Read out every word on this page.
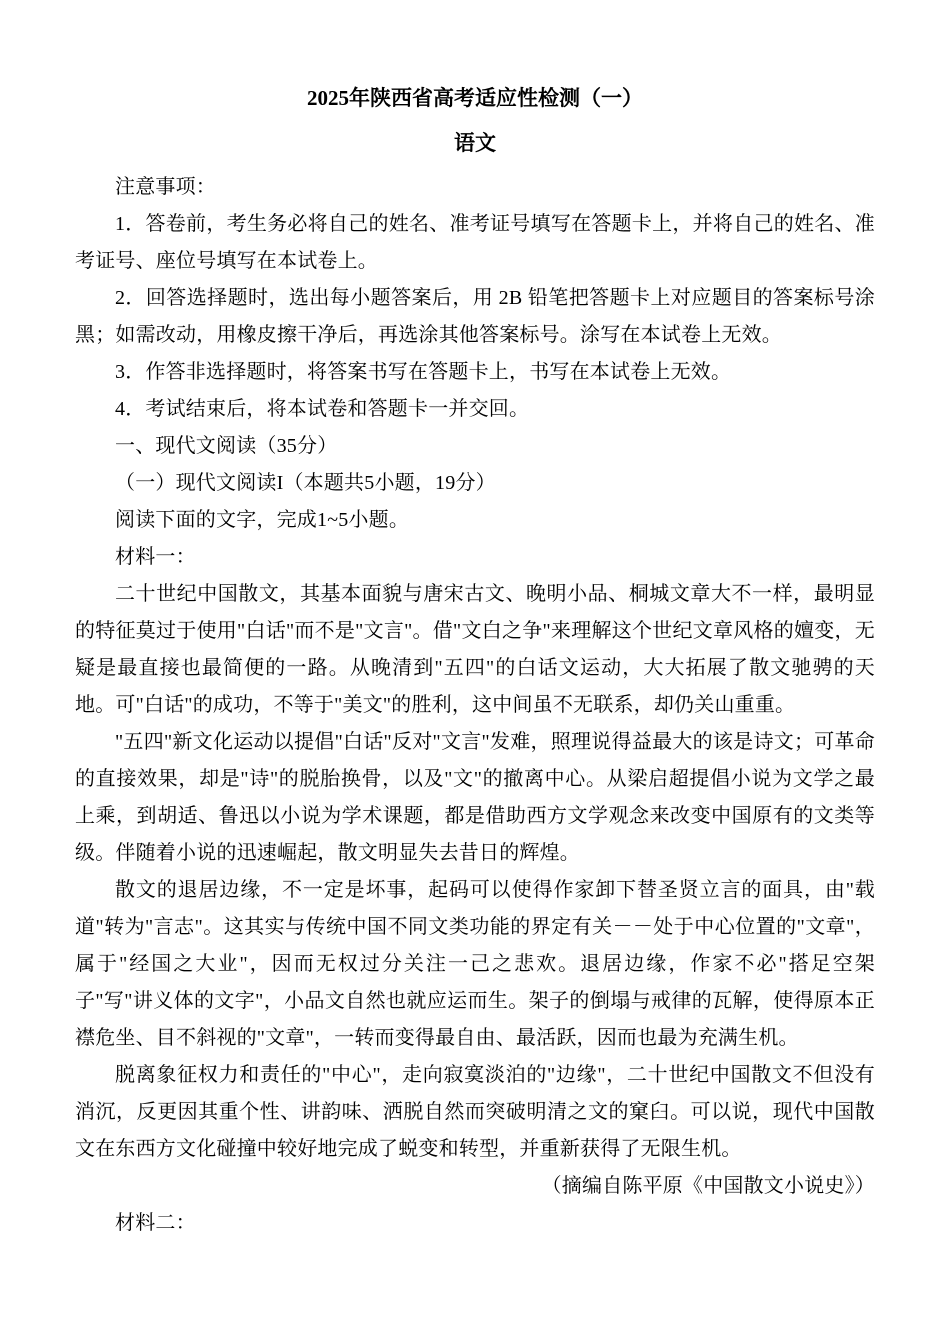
2025年陕西省高考适应性检测（一）
语文

注意事项：

1．答卷前，考生务必将自己的姓名、准考证号填写在答题卡上，并将自己的姓名、准考证号、座位号填写在本试卷上。

2．回答选择题时，选出每小题答案后，用 2B 铅笔把答题卡上对应题目的答案标号涂黑；如需改动，用橡皮擦干净后，再选涂其他答案标号。涂写在本试卷上无效。

3．作答非选择题时，将答案书写在答题卡上，书写在本试卷上无效。

4．考试结束后，将本试卷和答题卡一并交回。

一、现代文阅读（35分）

（一）现代文阅读I（本题共5小题，19分）

阅读下面的文字，完成1~5小题。

材料一：

二十世纪中国散文，其基本面貌与唐宋古文、晚明小品、桐城文章大不一样，最明显的特征莫过于使用"白话"而不是"文言"。借"文白之争"来理解这个世纪文章风格的嬗变，无疑是最直接也最简便的一路。从晚清到"五四"的白话文运动，大大拓展了散文驰骋的天地。可"白话"的成功，不等于"美文"的胜利，这中间虽不无联系，却仍关山重重。

"五四"新文化运动以提倡"白话"反对"文言"发难，照理说得益最大的该是诗文；可革命的直接效果，却是"诗"的脱胎换骨，以及"文"的撤离中心。从梁启超提倡小说为文学之最上乘，到胡适、鲁迅以小说为学术课题，都是借助西方文学观念来改变中国原有的文类等级。伴随着小说的迅速崛起，散文明显失去昔日的辉煌。

散文的退居边缘，不一定是坏事，起码可以使得作家卸下替圣贤立言的面具，由"载道"转为"言志"。这其实与传统中国不同文类功能的界定有关－－处于中心位置的"文章"，属于"经国之大业"，因而无权过分关注一己之悲欢。退居边缘，作家不必"搭足空架子"写"讲义体的文字"，小品文自然也就应运而生。架子的倒塌与戒律的瓦解，使得原本正襟危坐、目不斜视的"文章"，一转而变得最自由、最活跃，因而也最为充满生机。

脱离象征权力和责任的"中心"，走向寂寞淡泊的"边缘"，二十世纪中国散文不但没有消沉，反更因其重个性、讲韵味、洒脱自然而突破明清之文的窠臼。可以说，现代中国散文在东西方文化碰撞中较好地完成了蜕变和转型，并重新获得了无限生机。

（摘编自陈平原《中国散文小说史》）

材料二：
